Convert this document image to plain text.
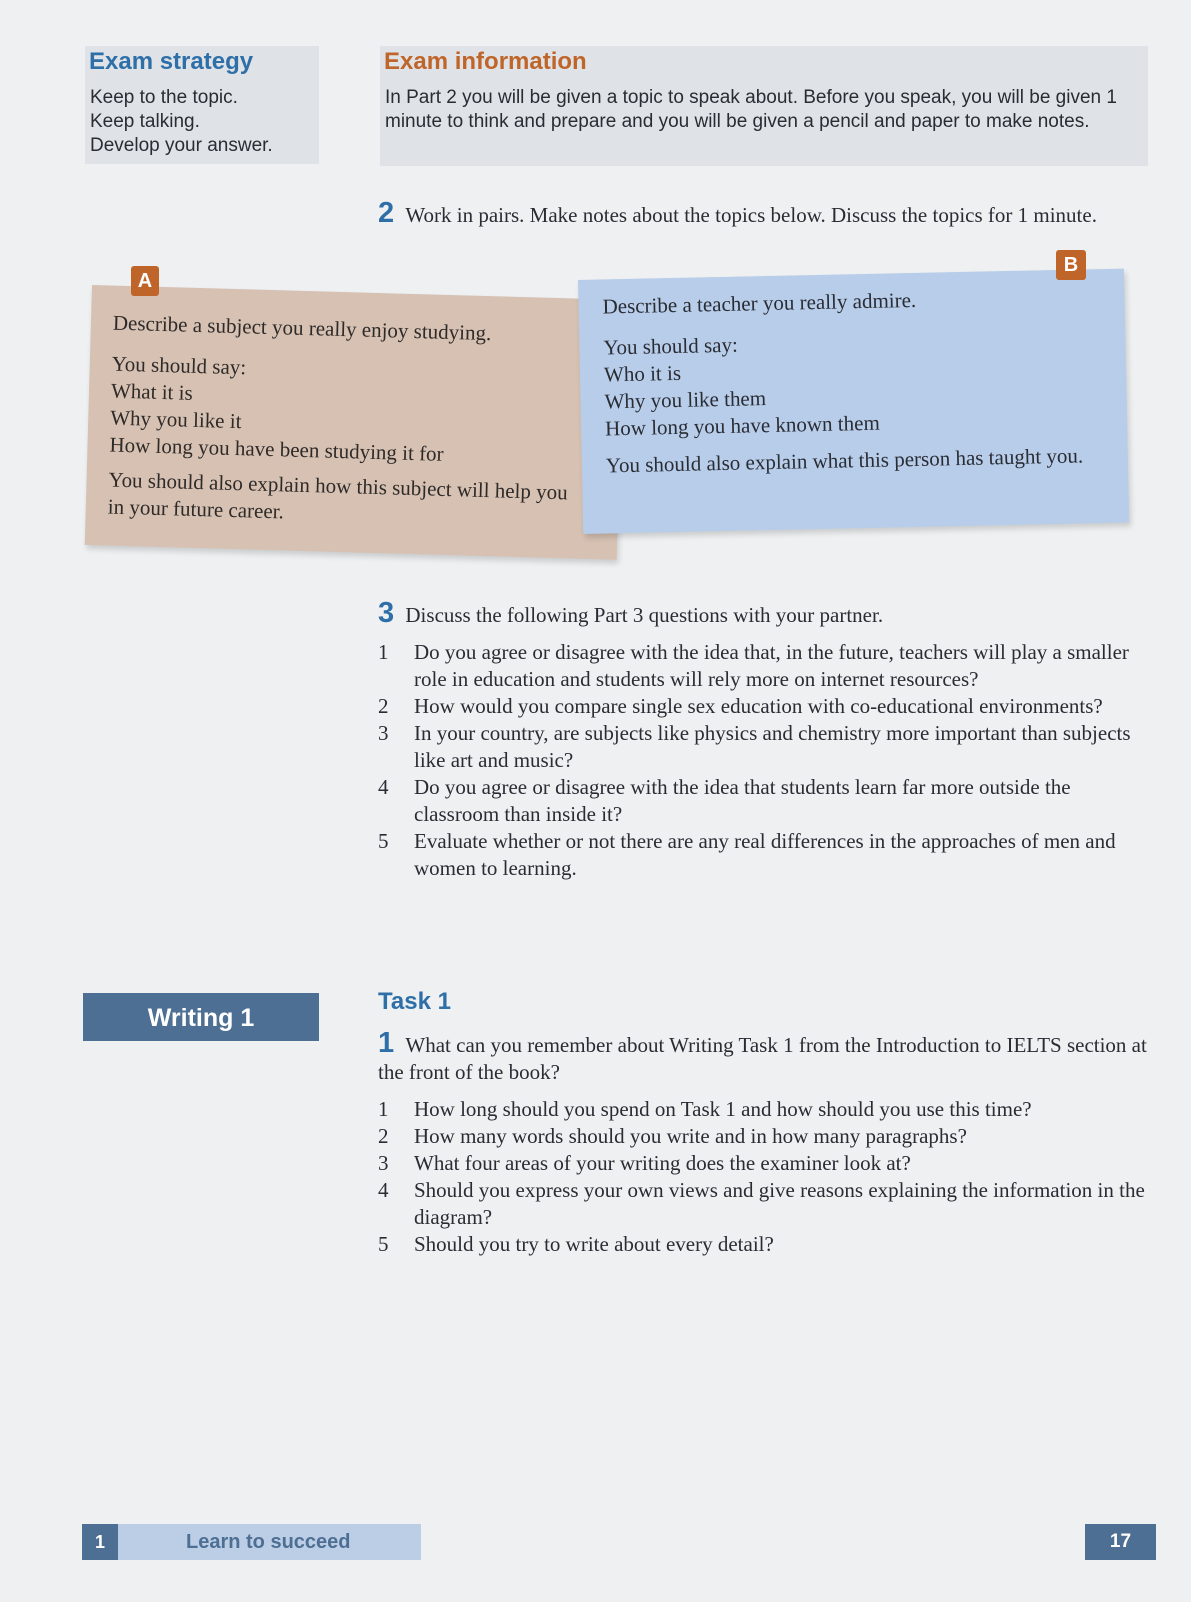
Exam strategy
Keep to the topic.
Keep talking.
Develop your answer.
Exam information
In Part 2 you will be given a topic to speak about. Before you speak, you will be given 1 minute to think and prepare and you will be given a pencil and paper to make notes.
2 Work in pairs. Make notes about the topics below. Discuss the topics for 1 minute.
Describe a subject you really enjoy studying.
You should say:
What it is
Why you like it
How long you have been studying it for
You should also explain how this subject will help you in your future career.
A
Describe a teacher you really admire.
You should say:
Who it is
Why you like them
How long you have known them
You should also explain what this person has taught you.
B
3 Discuss the following Part 3 questions with your partner.
1 Do you agree or disagree with the idea that, in the future, teachers will play a smaller role in education and students will rely more on internet resources?
2 How would you compare single sex education with co-educational environments?
3 In your country, are subjects like physics and chemistry more important than subjects like art and music?
4 Do you agree or disagree with the idea that students learn far more outside the classroom than inside it?
5 Evaluate whether or not there are any real differences in the approaches of men and women to learning.
Writing 1
Task 1
1 What can you remember about Writing Task 1 from the Introduction to IELTS section at the front of the book?
1 How long should you spend on Task 1 and how should you use this time?
2 How many words should you write and in how many paragraphs?
3 What four areas of your writing does the examiner look at?
4 Should you express your own views and give reasons explaining the information in the diagram?
5 Should you try to write about every detail?
1	Learn to succeed	17
